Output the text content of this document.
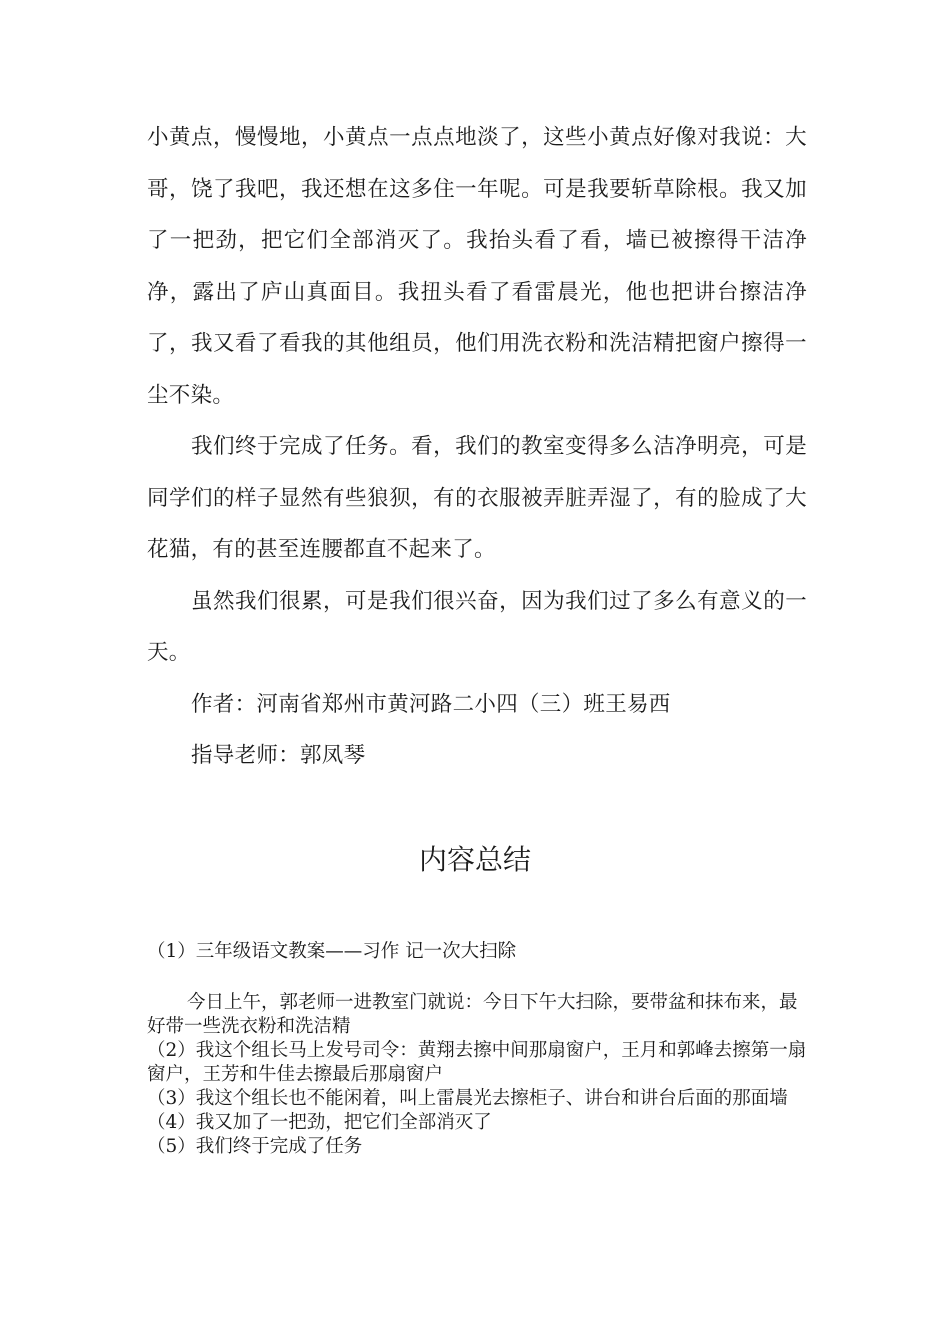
小黄点，慢慢地，小黄点一点点地淡了，这些小黄点好像对我说：大哥，饶了我吧，我还想在这多住一年呢。可是我要斩草除根。我又加了一把劲，把它们全部消灭了。我抬头看了看，墙已被擦得干洁净净，露出了庐山真面目。我扭头看了看雷晨光，他也把讲台擦洁净了，我又看了看我的其他组员，他们用洗衣粉和洗洁精把窗户擦得一尘不染。

我们终于完成了任务。看，我们的教室变得多么洁净明亮，可是同学们的样子显然有些狼狈，有的衣服被弄脏弄湿了，有的脸成了大花猫，有的甚至连腰都直不起来了。

虽然我们很累，可是我们很兴奋，因为我们过了多么有意义的一天。

作者：河南省郑州市黄河路二小四（三）班王易西

指导老师：郭凤琴

内容总结

（1）三年级语文教案——习作 记一次大扫除

今日上午，郭老师一进教室门就说：今日下午大扫除，要带盆和抹布来，最好带一些洗衣粉和洗洁精

（2）我这个组长马上发号司令：黄翔去擦中间那扇窗户，王月和郭峰去擦第一扇窗户，王芳和牛佳去擦最后那扇窗户

（3）我这个组长也不能闲着，叫上雷晨光去擦柜子、讲台和讲台后面的那面墙

（4）我又加了一把劲，把它们全部消灭了

（5）我们终于完成了任务
